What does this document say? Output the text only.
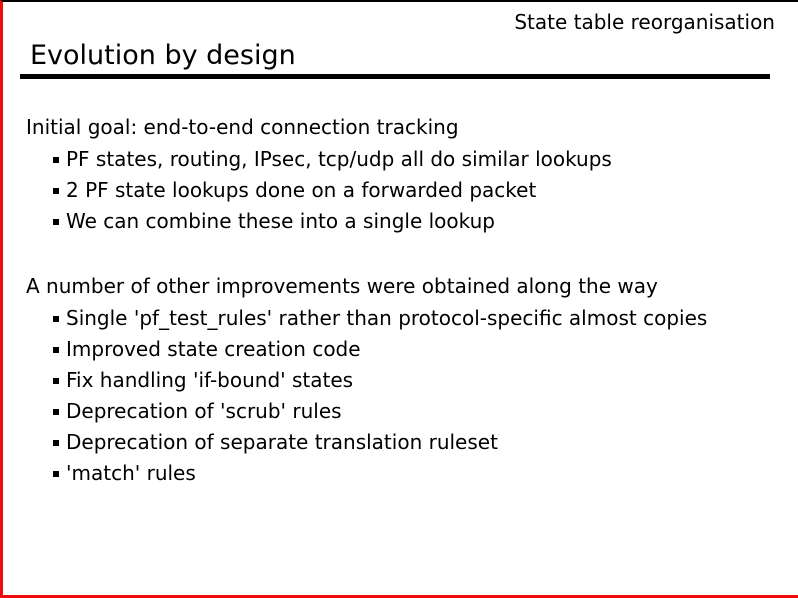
State table reorganisation
Evolution by design

Initial goal: end-to-end connection tracking

PF states, routing, IPsec, tcp/udp all do similar lookups
2 PF state lookups done on a forwarded packet
We can combine these into a single lookup

A number of other improvements were obtained along the way

Single 'pf_test_rules' rather than protocol-specific almost copies
Improved state creation code
Fix handling 'if-bound' states
Deprecation of 'scrub' rules
Deprecation of separate translation ruleset
'match' rules
